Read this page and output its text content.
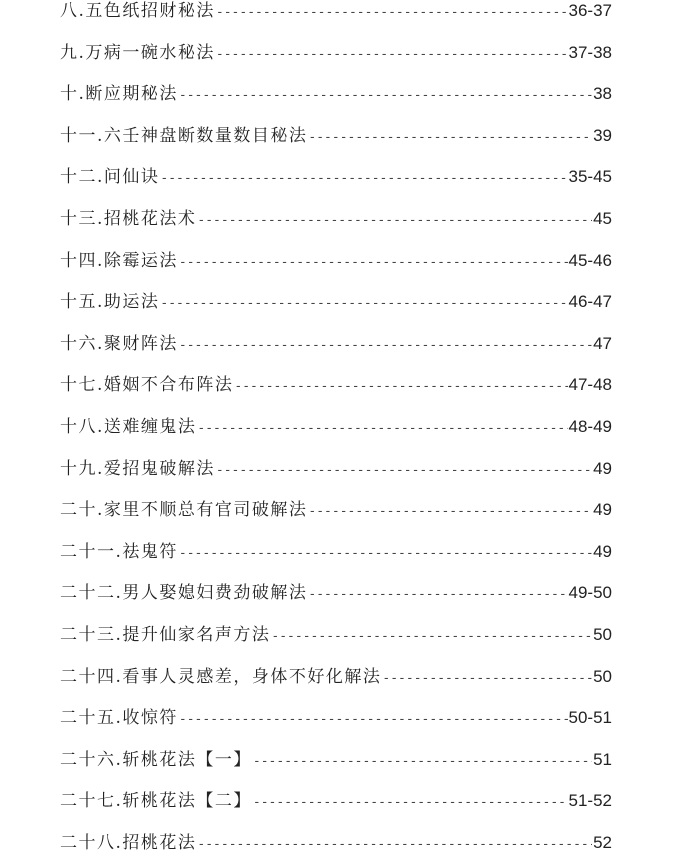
八.五色纸招财秘法 -----	36-37
九.万病一碗水秘法 -----	37-38
十.断应期秘法 -----	38
十一.六壬神盘断数量数目秘法 -----	39
十二.问仙诀 -----	35-45
十三.招桃花法术 -----	45
十四.除霉运法 -----	45-46
十五.助运法 -----	46-47
十六.聚财阵法 -----	47
十七.婚姻不合布阵法 -----	47-48
十八.送难缠鬼法 -----	48-49
十九.爱招鬼破解法 -----	49
二十.家里不顺总有官司破解法 -----	49
二十一.祛鬼符 -----	49
二十二.男人娶媳妇费劲破解法 -----	49-50
二十三.提升仙家名声方法 -----	50
二十四.看事人灵感差，身体不好化解法 -----	50
二十五.收惊符 -----	50-51
二十六.斩桃花法【一】 -----	51
二十七.斩桃花法【二】 -----	51-52
二十八.招桃花法 -----	52
